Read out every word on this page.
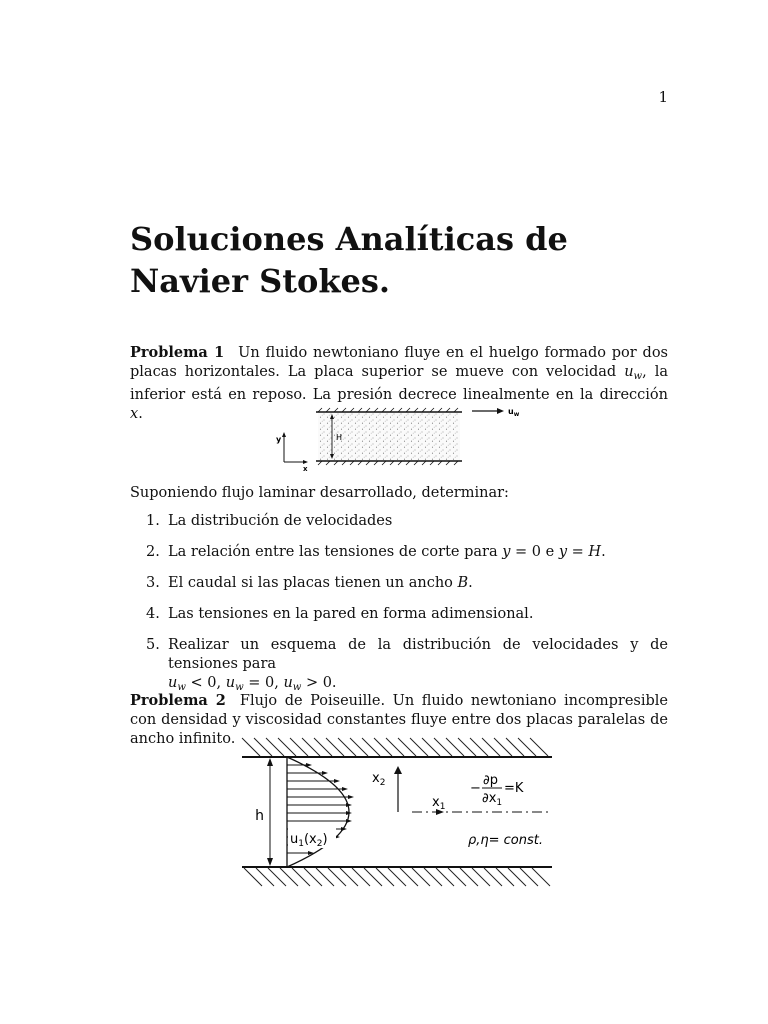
1
Soluciones Analíticas de Navier Stokes.

Problema 1 Un fluido newtoniano fluye en el huelgo formado por dos placas horizontales. La placa superior se mueve con velocidad $u_w$, la inferior está en reposo. La presión decrece linealmente en la dirección x.

H
$u_w$
y
x

Suponiendo flujo laminar desarrollado, determinar:

1. La distribución de velocidades
2. La relación entre las tensiones de corte para y = 0 e y = H.
3. El caudal si las placas tienen un ancho B.
4. Las tensiones en la pared en forma adimensional.
5. Realizar un esquema de la distribución de velocidades y de tensiones para
$u_w < 0$, $u_w = 0$, $u_w > 0$.

Problema 2 Flujo de Poiseuille. Un fluido newtoniano incompresible con densidad y viscosidad constantes fluye entre dos placas paralelas de ancho infinito.

h
$u_1(x_2)$
$x_2$
$x_1$
−
∂p
$\partial x_1$
=K
ρ,η= const.
